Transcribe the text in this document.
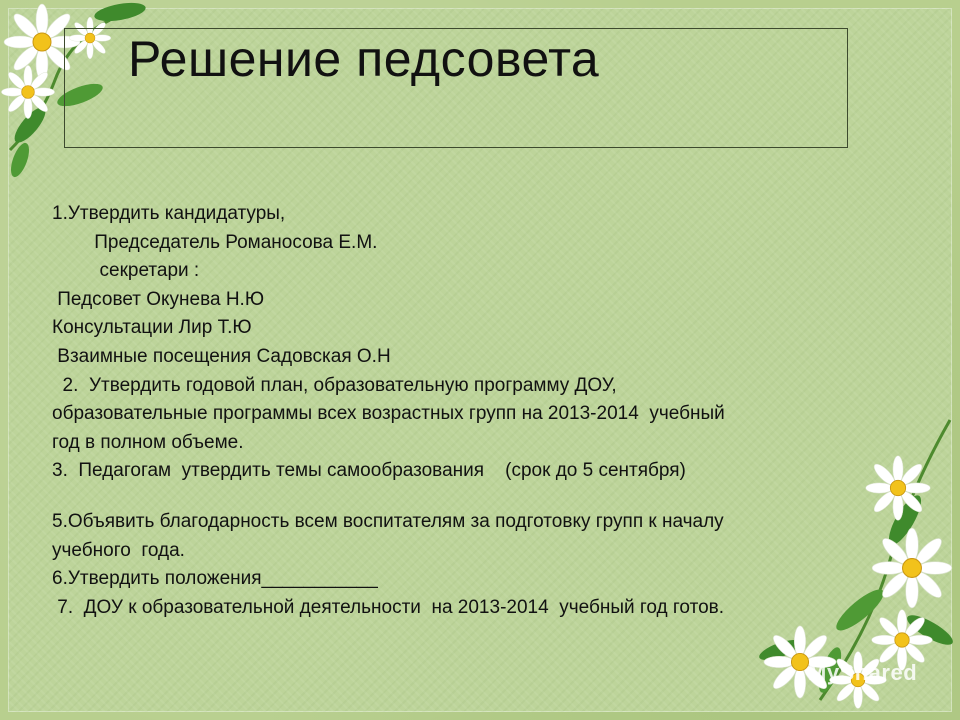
Решение педсовета
1.Утвердить кандидатуры,
Председатель Романосова Е.М.
секретари :
Педсовет Окунева Н.Ю
Консультации Лир Т.Ю
Взаимные посещения Садовская О.Н
2.  Утвердить годовой план, образовательную программу ДОУ,
образовательные программы всех возрастных групп на 2013-2014  учебный
год в полном объеме.
3.  Педагогам  утвердить темы самообразования    (срок до 5 сентября)
5.Объявить благодарность всем воспитателям за подготовку групп к началу
учебного  года.
6.Утвердить положения___________
7.  ДОУ к образовательной деятельности  на 2013-2014  учебный год готов.
MyShared
